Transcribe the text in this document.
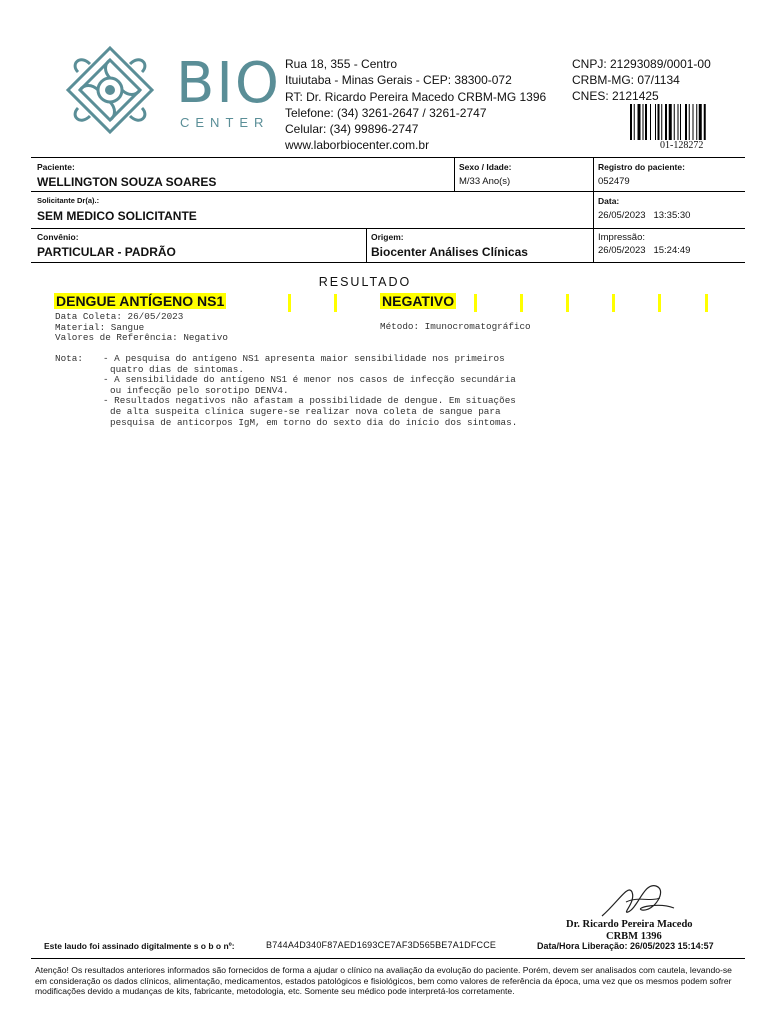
BIO
CENTER
Rua 18, 355 - Centro
Ituiutaba - Minas Gerais - CEP: 38300-072
RT: Dr. Ricardo Pereira Macedo CRBM-MG 1396
Telefone: (34) 3261-2647 / 3261-2747
Celular: (34) 99896-2747
www.laborbiocenter.com.br
CNPJ: 21293089/0001-00
CRBM-MG: 07/1134
CNES: 2121425
01-128272
Paciente:
WELLINGTON SOUZA SOARES
Sexo / Idade:
M/33 Ano(s)
Registro do paciente:
052479
Solicitante Dr(a).:
SEM MEDICO SOLICITANTE
Data:
26/05/2023   13:35:30
Convênio:
PARTICULAR - PADRÃO
Origem:
Biocenter Análises Clínicas
Impressão:
26/05/2023   15:24:49
RESULTADO
DENGUE ANTÍGENO NS1	NEGATIVO
Data Coleta: 26/05/2023
Material: Sangue
Valores de Referência: Negativo
Método: Imunocromatográfico
Nota:	- A pesquisa do antígeno NS1 apresenta maior sensibilidade nos primeiros
quatro dias de sintomas.
- A sensibilidade do antígeno NS1 é menor nos casos de infecção secundária
ou infecção pelo sorotipo DENV4.
- Resultados negativos não afastam a possibilidade de dengue. Em situações
de alta suspeita clínica sugere-se realizar nova coleta de sangue para
pesquisa de anticorpos IgM, em torno do sexto dia do início dos sintomas.
Dr. Ricardo Pereira Macedo
CRBM 1396
Este laudo foi assinado digitalmente s o b o nº:	B744A4D340F87AED1693CE7AF3D565BE7A1DFCCE	Data/Hora Liberação: 26/05/2023 15:14:57
Atenção! Os resultados anteriores informados são fornecidos de forma a ajudar o clínico na avaliação da evolução do paciente. Porém, devem ser analisados com cautela, levando-se em consideração os dados clínicos, alimentação, medicamentos, estados patológicos e fisiológicos, bem como valores de referência da época, uma vez que os mesmos podem sofrer modificações devido a mudanças de kits, fabricante, metodologia, etc. Somente seu médico pode interpretá-los corretamente.
